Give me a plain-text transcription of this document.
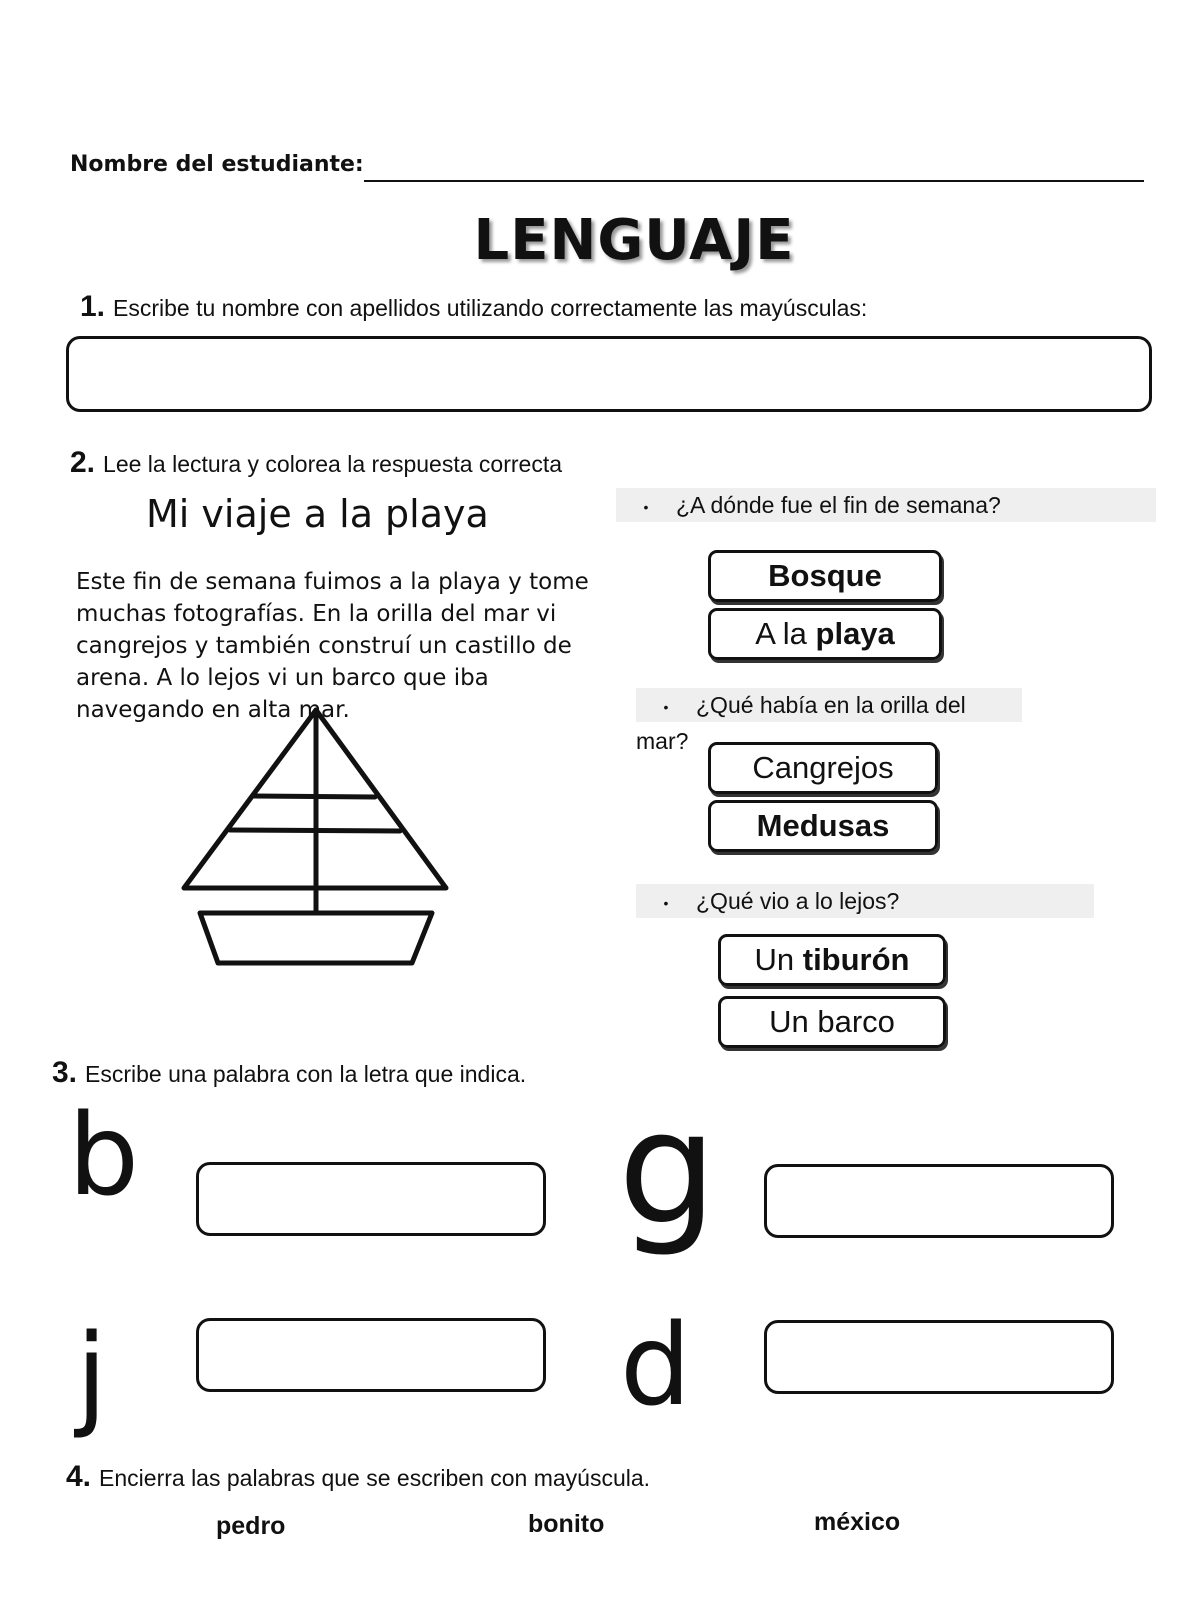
Nombre del estudiante:
LENGUAJE
1. Escribe tu nombre con apellidos utilizando correctamente las mayúsculas:
2. Lee la lectura y colorea la respuesta correcta
Mi viaje a la playa
Este fin de semana fuimos a la playa y tome muchas fotografías. En la orilla del mar vi cangrejos y también construí un castillo de arena. A lo lejos vi un barco que iba navegando en alta mar.
• ¿A dónde fue el fin de semana?
Bosque
A la playa
• ¿Qué había en la orilla del mar?
Cangrejos
Medusas
• ¿Qué vio a lo lejos?
Un tiburón
Un barco
3. Escribe una palabra con la letra que indica.
b	g
j	d
4. Encierra las palabras que se escriben con mayúscula.
pedro	bonito	méxico
